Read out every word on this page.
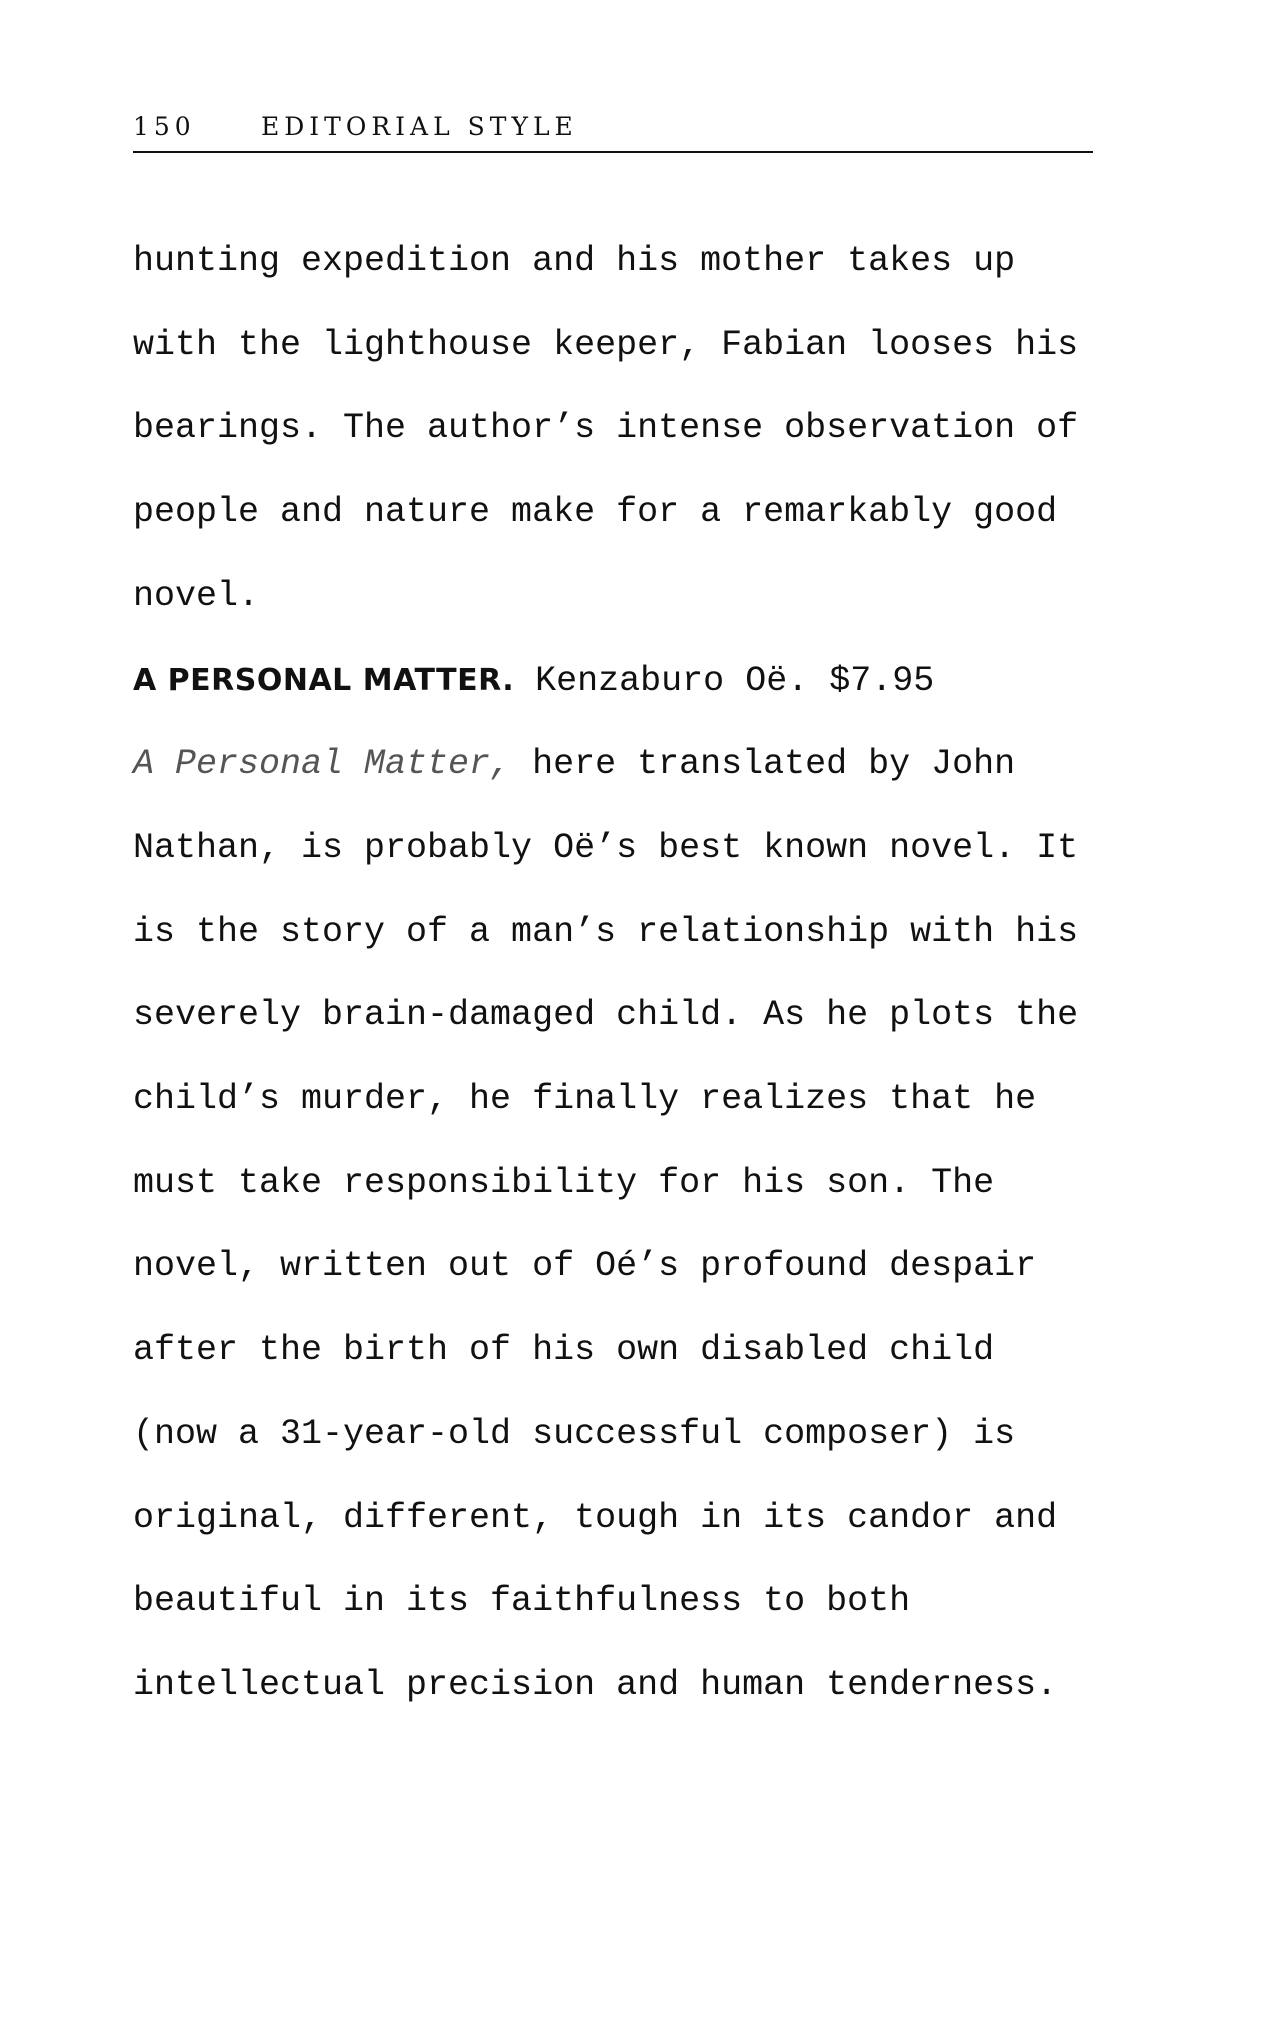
150	EDITORIAL STYLE
hunting expedition and his mother takes up
with the lighthouse keeper, Fabian looses his
bearings. The author’s intense observation of
people and nature make for a remarkably good
novel.
A PERSONAL MATTER. Kenzaburo Oë. $7.95
A Personal Matter, here translated by John
Nathan, is probably Oë’s best known novel. It
is the story of a man’s relationship with his
severely brain-damaged child. As he plots the
child’s murder, he finally realizes that he
must take responsibility for his son. The
novel, written out of Oé’s profound despair
after the birth of his own disabled child
(now a 31-year-old successful composer) is
original, different, tough in its candor and
beautiful in its faithfulness to both
intellectual precision and human tenderness.
